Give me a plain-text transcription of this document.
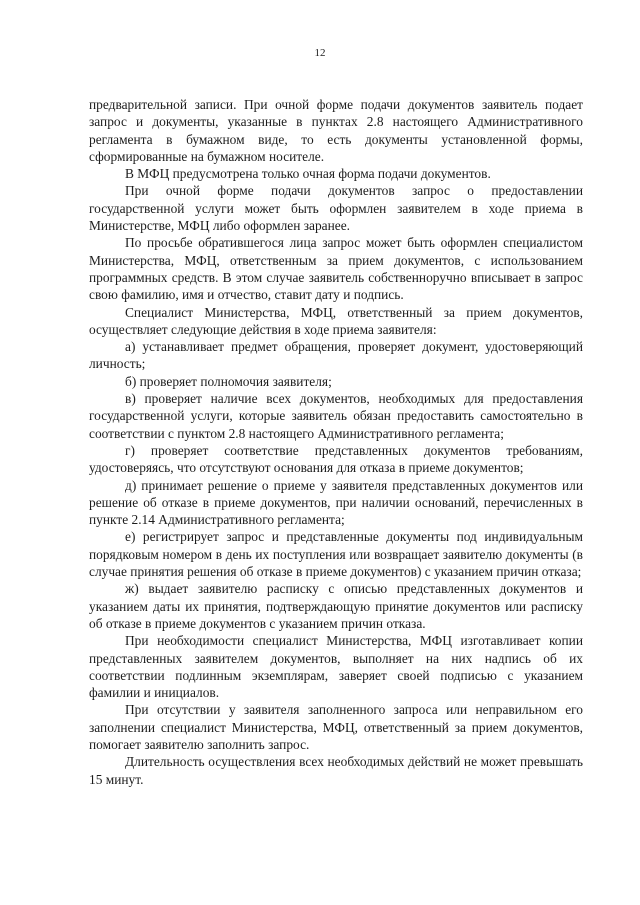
12

предварительной записи. При очной форме подачи документов заявитель подает запрос и документы, указанные в пунктах 2.8 настоящего Административного регламента в бумажном виде, то есть документы установленной формы, сформированные на бумажном носителе.

В МФЦ предусмотрена только очная форма подачи документов.

При очной форме подачи документов запрос о предоставлении государственной услуги может быть оформлен заявителем в ходе приема в Министерстве, МФЦ либо оформлен заранее.

По просьбе обратившегося лица запрос может быть оформлен специалистом Министерства, МФЦ, ответственным за прием документов, с использованием программных средств. В этом случае заявитель собственноручно вписывает в запрос свою фамилию, имя и отчество, ставит дату и подпись.

Специалист Министерства, МФЦ, ответственный за прием документов, осуществляет следующие действия в ходе приема заявителя:

а) устанавливает предмет обращения, проверяет документ, удостоверяющий личность;

б) проверяет полномочия заявителя;

в) проверяет наличие всех документов, необходимых для предоставления государственной услуги, которые заявитель обязан предоставить самостоятельно в соответствии с пунктом 2.8 настоящего Административного регламента;

г) проверяет соответствие представленных документов требованиям, удостоверяясь, что отсутствуют основания для отказа в приеме документов;

д) принимает решение о приеме у заявителя представленных документов или решение об отказе в приеме документов, при наличии оснований, перечисленных в пункте 2.14 Административного регламента;

е) регистрирует запрос и представленные документы под индивидуальным порядковым номером в день их поступления или возвращает заявителю документы (в случае принятия решения об отказе в приеме документов) с указанием причин отказа;

ж) выдает заявителю расписку с описью представленных документов и указанием даты их принятия, подтверждающую принятие документов или расписку об отказе в приеме документов с указанием причин отказа.

При необходимости специалист Министерства, МФЦ изготавливает копии представленных заявителем документов, выполняет на них надпись об их соответствии подлинным экземплярам, заверяет своей подписью с указанием фамилии и инициалов.

При отсутствии у заявителя заполненного запроса или неправильном его заполнении специалист Министерства, МФЦ, ответственный за прием документов, помогает заявителю заполнить запрос.

Длительность осуществления всех необходимых действий не может превышать 15 минут.
